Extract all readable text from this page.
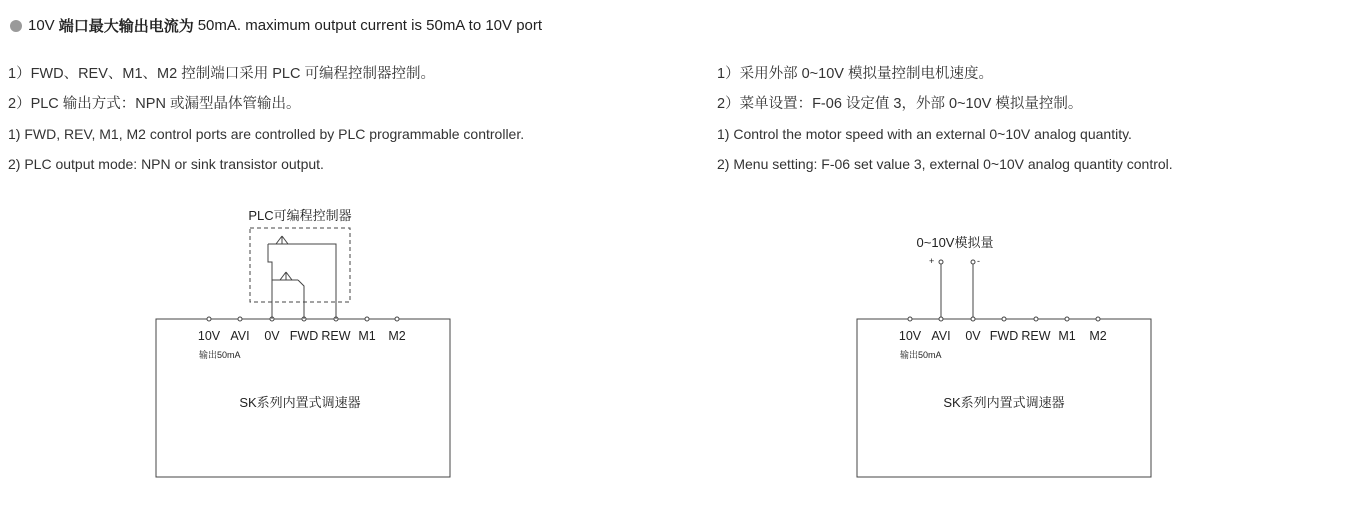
10V 端口最大输出电流为 50mA. maximum output current is 50mA to 10V port
1）FWD、REV、M1、M2 控制端口采用 PLC 可编程控制器控制。
2）PLC 输出方式：NPN 或漏型晶体管输出。
1) FWD, REV, M1, M2 control ports are controlled by PLC programmable controller.
2) PLC output mode: NPN or sink transistor output.
1）采用外部 0~10V 模拟量控制电机速度。
2）菜单设置：F-06 设定值 3，外部 0~10V 模拟量控制。
1) Control the motor speed with an external 0~10V analog quantity.
2) Menu setting: F-06 set value 3, external 0~10V analog quantity control.
PLC可编程控制器
10V AVI 0V FWD REW M1 M2
输出50mA
SK系列内置式调速器
0~10V模拟量
+	-
10V AVI 0V FWD REW M1 M2
输出50mA
SK系列内置式调速器
